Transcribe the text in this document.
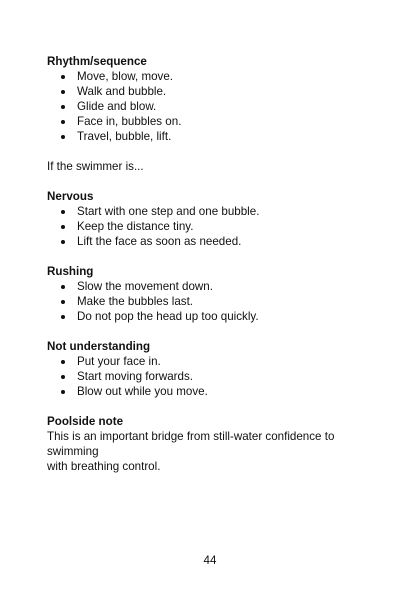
Rhythm/sequence

Move, blow, move.
Walk and bubble.
Glide and blow.
Face in, bubbles on.
Travel, bubble, lift.

If the swimmer is...

Nervous

Start with one step and one bubble.
Keep the distance tiny.
Lift the face as soon as needed.

Rushing

Slow the movement down.
Make the bubbles last.
Do not pop the head up too quickly.

Not understanding

Put your face in.
Start moving forwards.
Blow out while you move.

Poolside note

This is an important bridge from still-water confidence to swimming

with breathing control.

44
